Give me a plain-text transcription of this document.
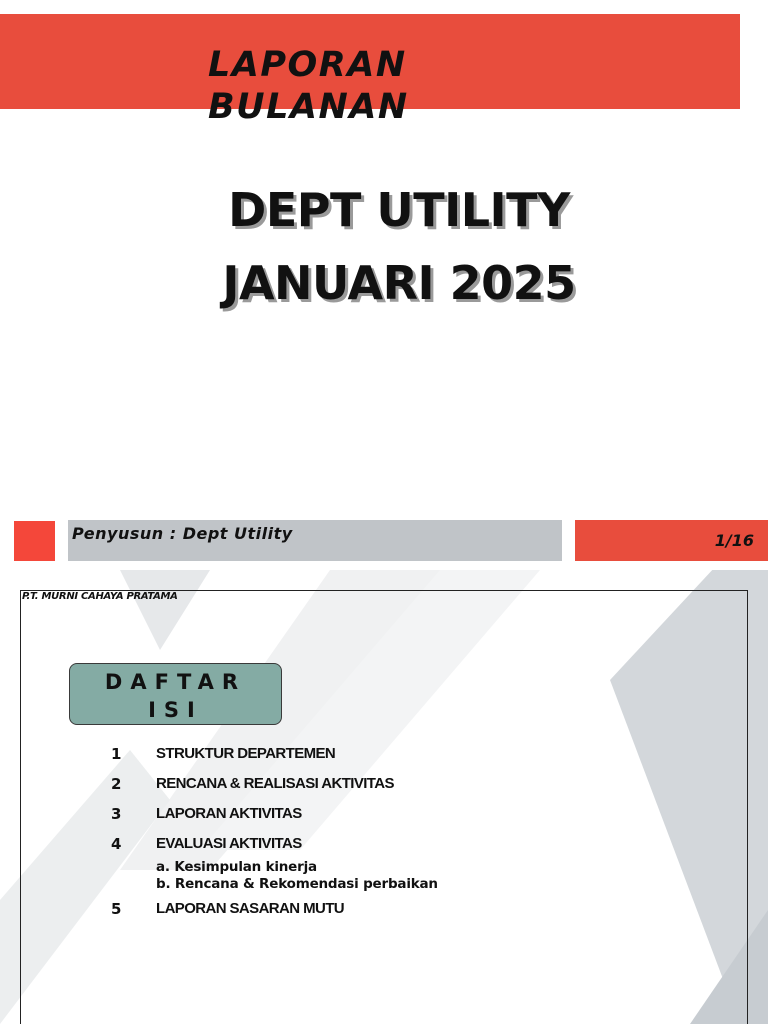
LAPORAN BULANAN
DEPT UTILITY
JANUARI 2025
Penyusun : Dept Utility	1/16
P.T. MURNI CAHAYA PRATAMA
DAFTAR
ISI
1 STRUKTUR DEPARTEMEN
2 RENCANA & REALISASI AKTIVITAS
3 LAPORAN AKTIVITAS
4 EVALUASI AKTIVITAS
a. Kesimpulan kinerja
b. Rencana & Rekomendasi perbaikan
5 LAPORAN SASARAN MUTU
